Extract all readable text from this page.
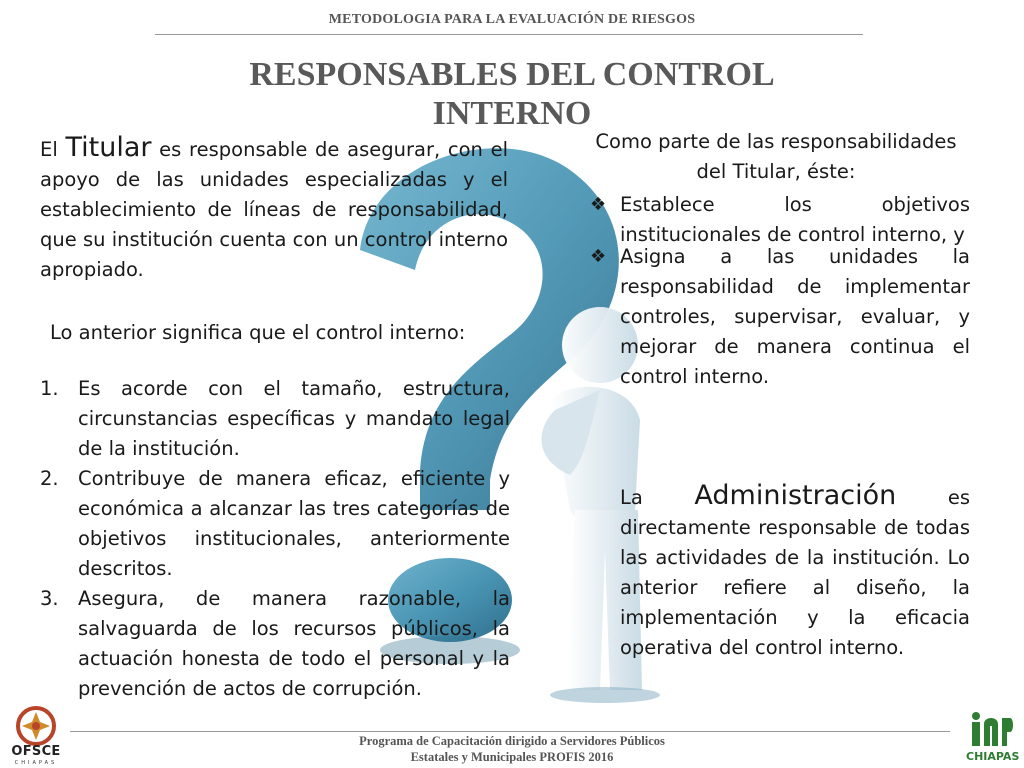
METODOLOGIA PARA LA EVALUACIÓN DE RIESGOS
RESPONSABLES DEL CONTROL
INTERNO
El Titular es responsable de asegurar, con el apoyo de las unidades especializadas y el establecimiento de líneas de responsabilidad, que su institución cuenta con un control interno apropiado.
Lo anterior significa que el control interno:
1. Es acorde con el tamaño, estructura, circunstancias específicas y mandato legal de la institución.
2. Contribuye de manera eficaz, eficiente y económica a alcanzar las tres categorías de objetivos institucionales, anteriormente descritos.
3. Asegura, de manera razonable, la salvaguarda de los recursos públicos, la actuación honesta de todo el personal y la prevención de actos de corrupción.
Como parte de las responsabilidades del Titular, éste:
❖ Establece los objetivos institucionales de control interno, y
❖ Asigna a las unidades la responsabilidad de implementar controles, supervisar, evaluar, y mejorar de manera continua el control interno.
La Administración es directamente responsable de todas las actividades de la institución. Lo anterior refiere al diseño, la implementación y la eficacia operativa del control interno.
Programa de Capacitación dirigido a Servidores Públicos
Estatales y Municipales PROFIS 2016
OFSCE
CHIAPAS	CHIAPAS
